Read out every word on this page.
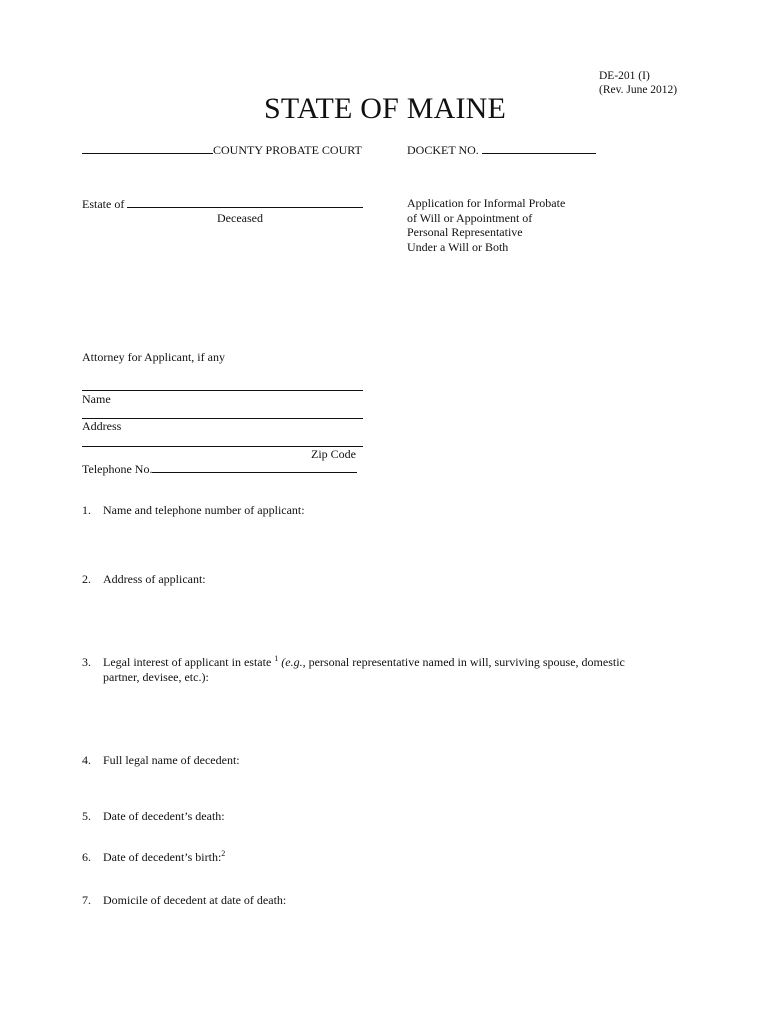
DE-201 (I)
(Rev. June 2012)
STATE OF MAINE
COUNTY PROBATE COURT	DOCKET NO.
Estate of
Deceased
Application for Informal Probate
of Will or Appointment of
Personal Representative
Under a Will or Both
Attorney for Applicant, if any
Name
Address
Zip Code
Telephone No.
1. Name and telephone number of applicant:
2. Address of applicant:
3. Legal interest of applicant in estate $^1$ (e.g., personal representative named in will, surviving spouse, domestic
partner, devisee, etc.):
4. Full legal name of decedent:
5. Date of decedent’s death:
6. Date of decedent’s birth:$^2$
7. Domicile of decedent at date of death:
